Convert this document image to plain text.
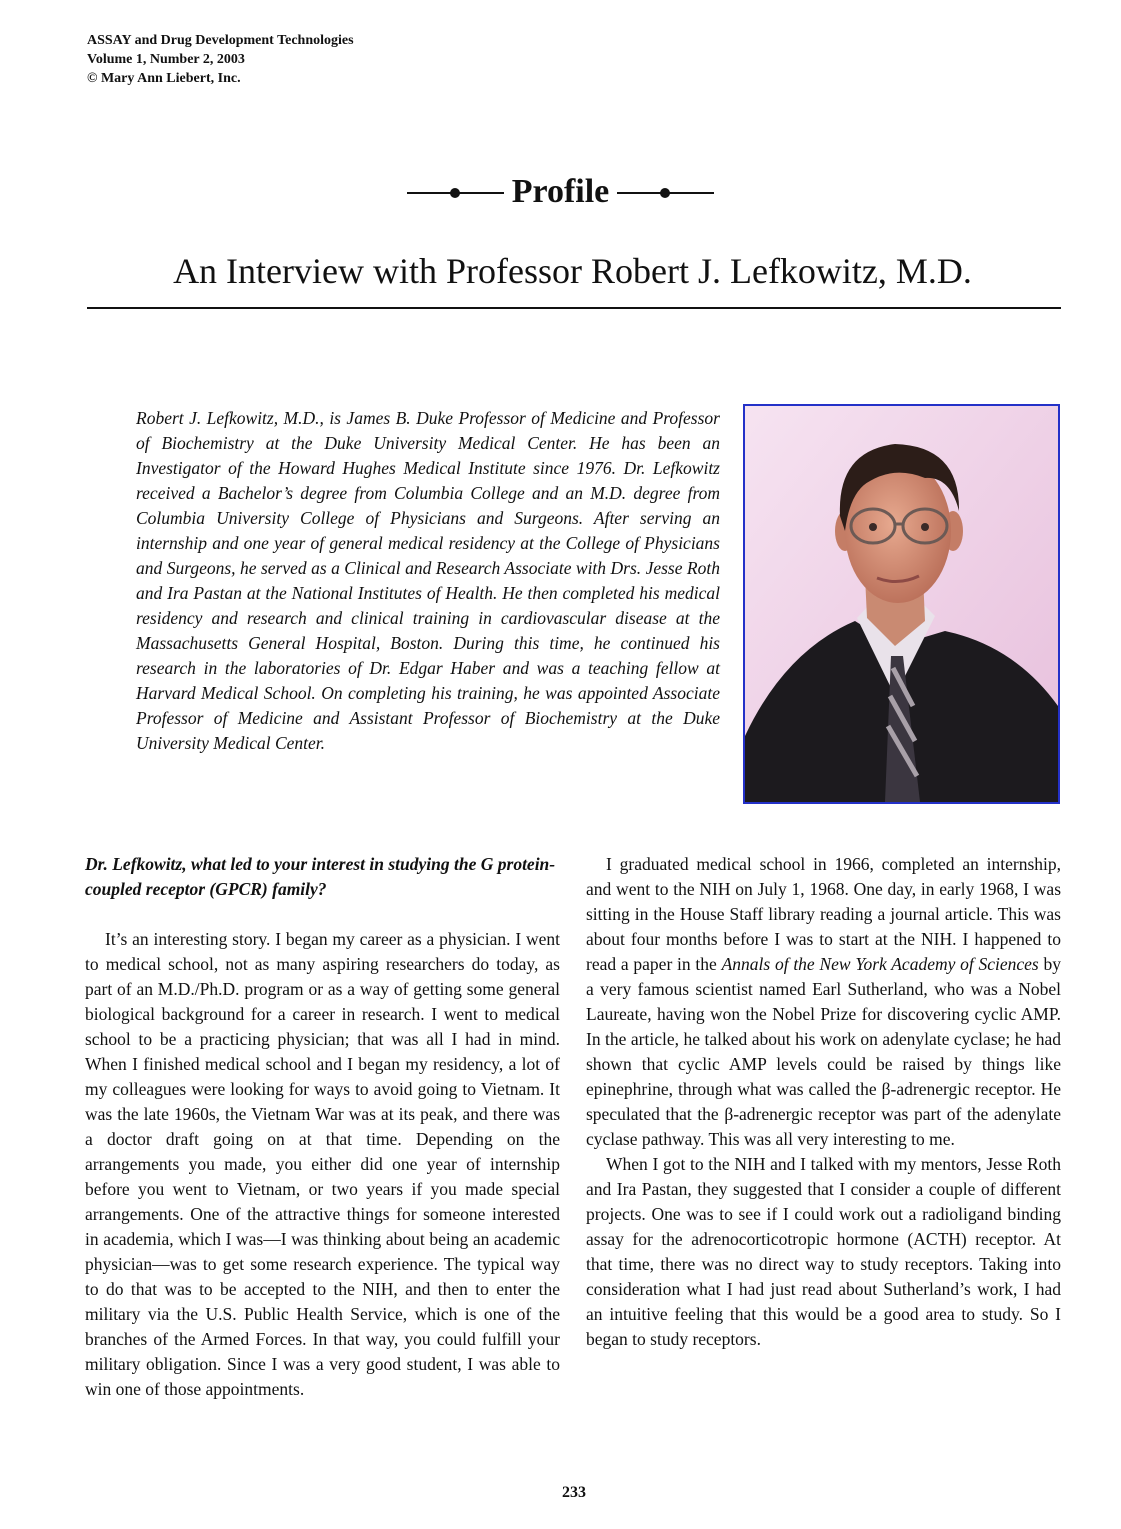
ASSAY and Drug Development Technologies
Volume 1, Number 2, 2003
© Mary Ann Liebert, Inc.
Profile
An Interview with Professor Robert J. Lefkowitz, M.D.
Robert J. Lefkowitz, M.D., is James B. Duke Professor of Medicine and Professor of Biochemistry at the Duke University Medical Center. He has been an Investigator of the Howard Hughes Medical Institute since 1976. Dr. Lefkowitz received a Bachelor’s degree from Columbia College and an M.D. degree from Columbia University College of Physicians and Surgeons. After serving an internship and one year of general medical residency at the College of Physicians and Surgeons, he served as a Clinical and Research Associate with Drs. Jesse Roth and Ira Pastan at the National Institutes of Health. He then completed his medical residency and research and clinical training in cardiovascular disease at the Massachusetts General Hospital, Boston. During this time, he continued his research in the laboratories of Dr. Edgar Haber and was a teaching fellow at Harvard Medical School. On completing his training, he was appointed Associate Professor of Medicine and Assistant Professor of Biochemistry at the Duke University Medical Center.

Dr. Lefkowitz, what led to your interest in studying the G protein-coupled receptor (GPCR) family?

It’s an interesting story. I began my career as a physician. I went to medical school, not as many aspiring researchers do today, as part of an M.D./Ph.D. program or as a way of getting some general biological background for a career in research. I went to medical school to be a practicing physician; that was all I had in mind. When I finished medical school and I began my residency, a lot of my colleagues were looking for ways to avoid going to Vietnam. It was the late 1960s, the Vietnam War was at its peak, and there was a doctor draft going on at that time. Depending on the arrangements you made, you either did one year of internship before you went to Vietnam, or two years if you made special arrangements. One of the attractive things for someone interested in academia, which I was—I was thinking about being an academic physician—was to get some research experience. The typical way to do that was to be accepted to the NIH, and then to enter the military via the U.S. Public Health Service, which is one of the branches of the Armed Forces. In that way, you could fulfill your military obligation. Since I was a very good student, I was able to win one of those appointments.

I graduated medical school in 1966, completed an internship, and went to the NIH on July 1, 1968. One day, in early 1968, I was sitting in the House Staff library reading a journal article. This was about four months before I was to start at the NIH. I happened to read a paper in the Annals of the New York Academy of Sciences by a very famous scientist named Earl Sutherland, who was a Nobel Laureate, having won the Nobel Prize for discovering cyclic AMP. In the article, he talked about his work on adenylate cyclase; he had shown that cyclic AMP levels could be raised by things like epinephrine, through what was called the β-adrenergic receptor. He speculated that the β-adrenergic receptor was part of the adenylate cyclase pathway. This was all very interesting to me.

When I got to the NIH and I talked with my mentors, Jesse Roth and Ira Pastan, they suggested that I consider a couple of different projects. One was to see if I could work out a radioligand binding assay for the adrenocorticotropic hormone (ACTH) receptor. At that time, there was no direct way to study receptors. Taking into consideration what I had just read about Sutherland’s work, I had an intuitive feeling that this would be a good area to study. So I began to study receptors.

233
